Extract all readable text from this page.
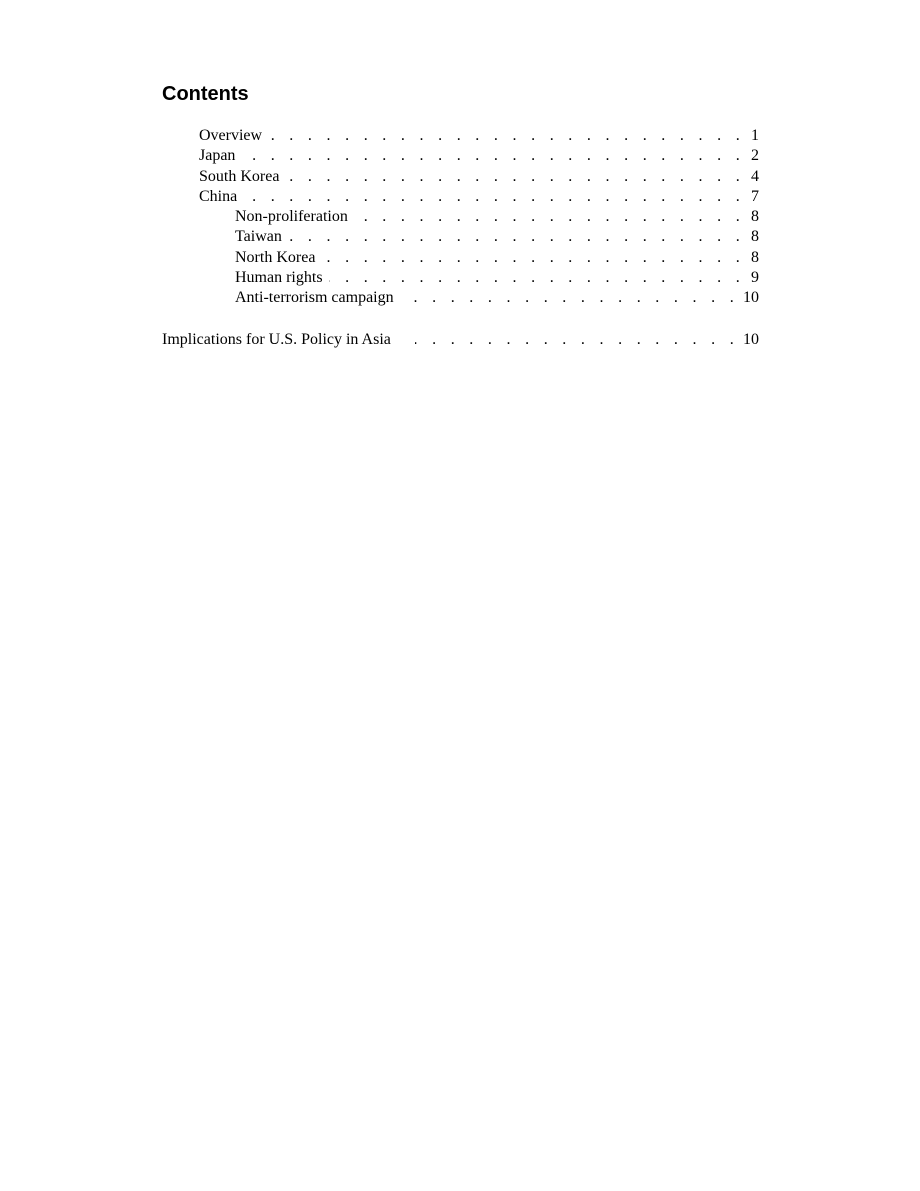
Contents
Overview . . .	1
Japan . . .	2
South Korea . . .	4
China . . .	7
Non-proliferation . . .	8
Taiwan . . .	8
North Korea . . .	8
Human rights . . .	9
Anti-terrorism campaign . . .	10
Implications for U.S. Policy in Asia . . .	10
